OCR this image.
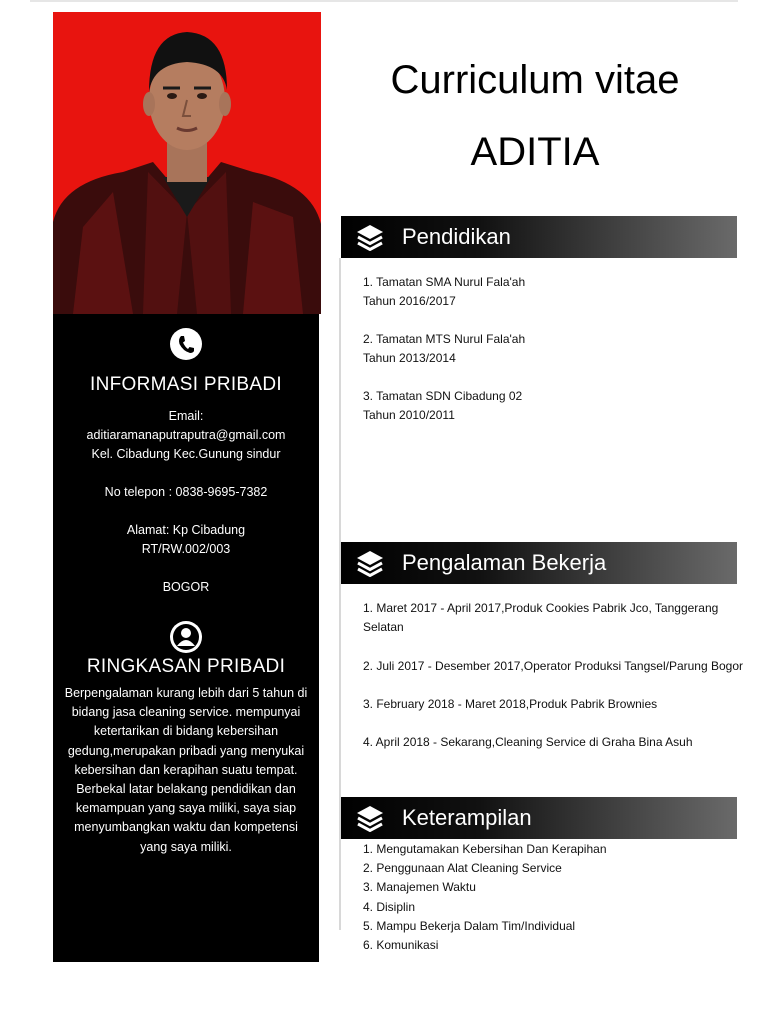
INFORMASI PRIBADI
Email:
aditiaramanaputraputra@gmail.com
Kel. Cibadung Kec.Gunung sindur
No telepon : 0838-9695-7382
Alamat: Kp Cibadung
RT/RW.002/003
BOGOR
RINGKASAN PRIBADI

Berpengalaman kurang lebih dari 5 tahun di bidang jasa cleaning service. mempunyai ketertarikan di bidang kebersihan gedung,merupakan pribadi yang menyukai kebersihan dan kerapihan suatu tempat.

Berbekal latar belakang pendidikan dan kemampuan yang saya miliki, saya siap menyumbangkan waktu dan kompetensi yang saya miliki.

Curriculum vitae
ADITIA
Pendidikan
1. Tamatan SMA Nurul Fala'ah
Tahun 2016/2017
2. Tamatan MTS Nurul Fala'ah
Tahun 2013/2014
3. Tamatan SDN Cibadung 02
Tahun 2010/2011
Pengalaman Bekerja
1. Maret 2017 - April 2017,Produk Cookies Pabrik Jco, Tanggerang Selatan
2. Juli 2017 - Desember 2017,Operator Produksi Tangsel/Parung Bogor
3. February 2018 - Maret 2018,Produk Pabrik Brownies
4. April 2018 - Sekarang,Cleaning Service di Graha Bina Asuh
Keterampilan
1. Mengutamakan Kebersihan Dan Kerapihan
2. Penggunaan Alat Cleaning Service
3. Manajemen Waktu
4. Disiplin
5. Mampu Bekerja Dalam Tim/Individual
6. Komunikasi
